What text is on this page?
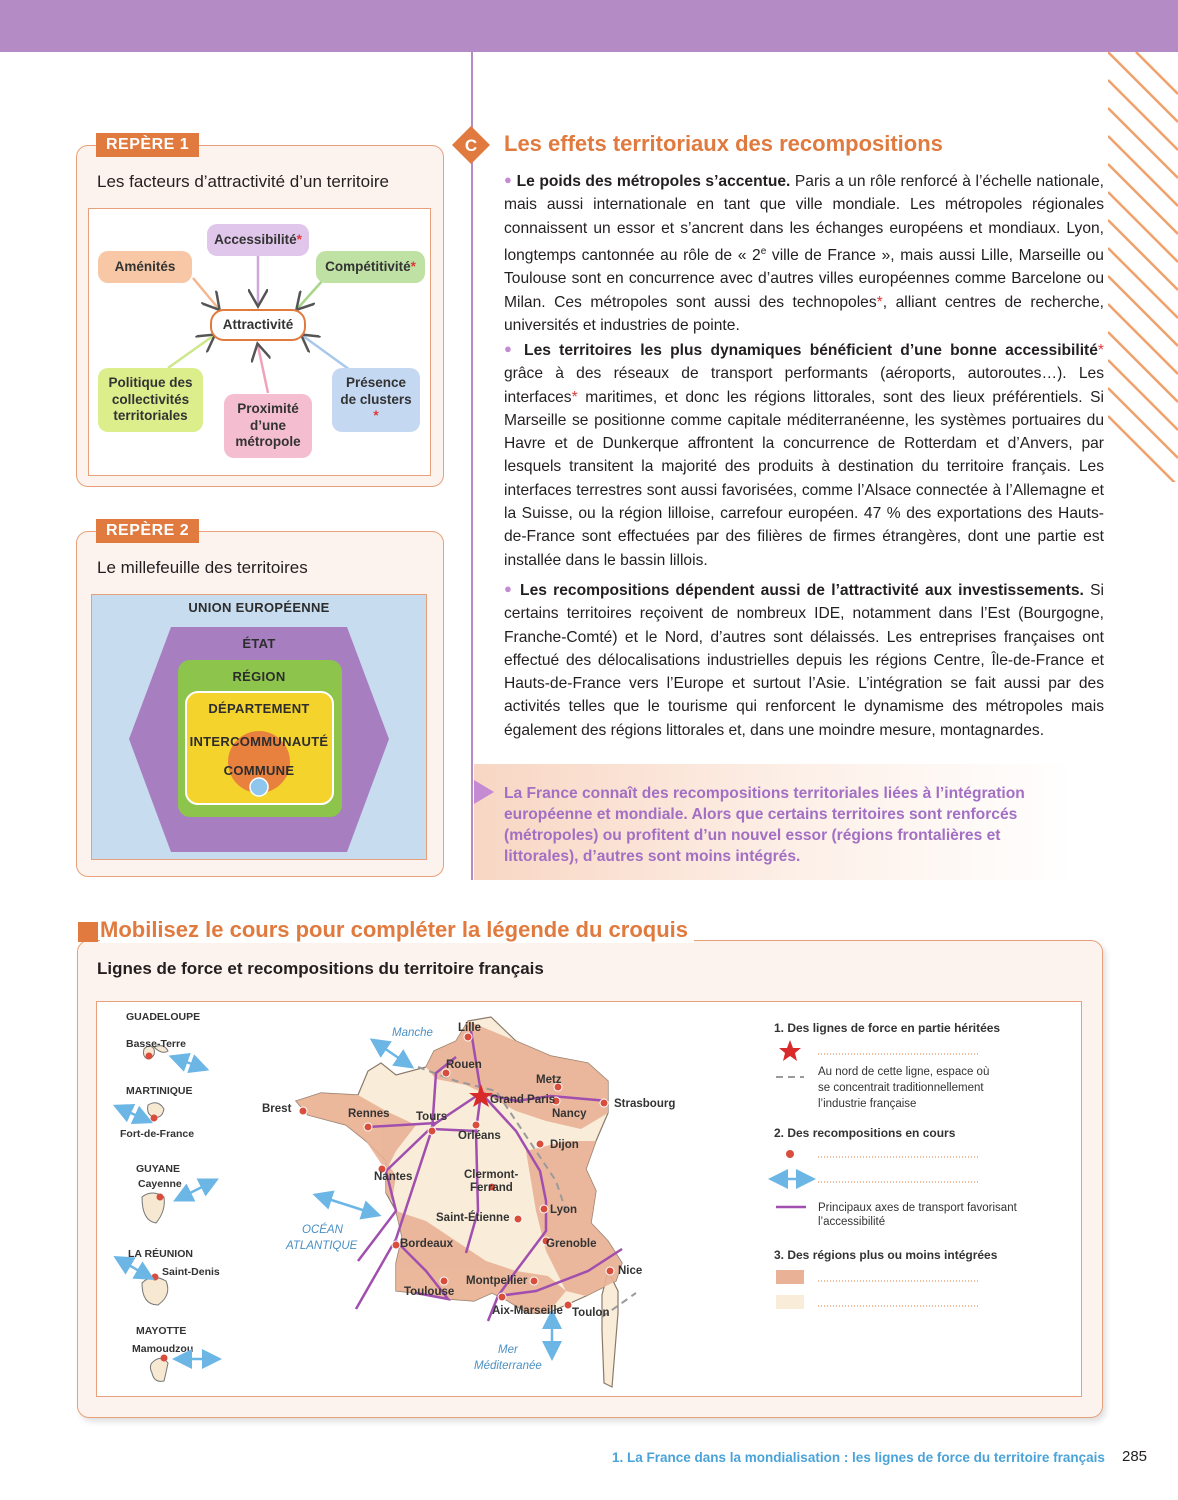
REPÈRE 1
Les facteurs d’attractivité d’un territoire
Accessibilité *
Aménités	Compétitivité *
Attractivité
Politique des collectivités territoriales
Proximité d’une métropole
Présence de clusters
*
REPÈRE 2
Le millefeuille des territoires
UNION EUROPÉENNE
ÉTAT
RÉGION
DÉPARTEMENT
INTERCOMMUNAUTÉ
COMMUNE
C Les effets territoriaux des recompositions
● Le poids des métropoles s’accentue. Paris a un rôle renforcé à l’échelle nationale, mais aussi internationale en tant que ville mondiale. Les métropoles régionales connaissent un essor et s’ancrent dans les échanges européens et mondiaux. Lyon, longtemps cantonnée au rôle de « 2e ville de France », mais aussi Lille, Marseille ou Toulouse sont en concurrence avec d’autres villes européennes comme Barcelone ou Milan. Ces métropoles sont aussi des technopoles*, alliant centres de recherche, universités et industries de pointe.
● Les territoires les plus dynamiques bénéficient d’une bonne accessibilité* grâce à des réseaux de transport performants (aéroports, autoroutes…). Les interfaces* maritimes, et donc les régions littorales, sont des lieux préférentiels. Si Marseille se positionne comme capitale méditerranéenne, les systèmes portuaires du Havre et de Dunkerque affrontent la concurrence de Rotterdam et d’Anvers, par lesquels transitent la majorité des produits à destination du territoire français. Les interfaces terrestres sont aussi favorisées, comme l’Alsace connectée à l’Allemagne et la Suisse, ou la région lilloise, carrefour européen. 47 % des exportations des Hauts-de-France sont effectuées par des filières de firmes étrangères, dont une partie est installée dans le bassin lillois.
● Les recompositions dépendent aussi de l’attractivité aux investissements. Si certains territoires reçoivent de nombreux IDE, notamment dans l’Est (Bourgogne, Franche-Comté) et le Nord, d’autres sont délaissés. Les entreprises françaises ont effectué des délocalisations industrielles depuis les régions Centre, Île-de-France et Hauts-de-France vers l’Europe et surtout l’Asie. L’intégration se fait aussi par des activités telles que le tourisme qui renforcent le dynamisme des métropoles mais également des régions littorales et, dans une moindre mesure, montagnardes.
La France connaît des recompositions territoriales liées à l’intégration européenne et mondiale. Alors que certains territoires sont renforcés (métropoles) ou profitent d’un nouvel essor (régions frontalières et littorales), d’autres sont moins intégrés.
Mobilisez le cours pour compléter la légende du croquis
Lignes de force et recompositions du territoire français
GUADELOUPE
Basse-Terre
MARTINIQUE
Fort-de-France
GUYANE
Cayenne
LA RÉUNION
Saint-Denis
MAYOTTE
Mamoudzou
Manche
OCÉAN
ATLANTIQUE
Mer
Méditerranée
Lille
Rouen
Metz
Strasbourg
Grand Paris
Nancy
Brest	Rennes Tours
Orléans
Dijon
Nantes	Clermont-
Ferrand
Lyon
Saint-Étienne
Bordeaux	Grenoble
Nice
Montpellier
Toulouse
Aix-Marseille Toulon
1. Des lignes de force en partie héritées
Au nord de cette ligne, espace où
se concentrait traditionnellement
l’industrie française
2. Des recompositions en cours
Principaux axes de transport favorisant
l’accessibilité
3. Des régions plus ou moins intégrées
1. La France dans la mondialisation : les lignes de force du territoire français 285
